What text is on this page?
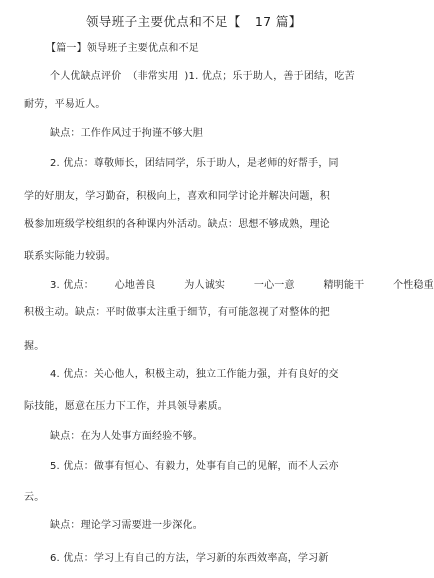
领导班子主要优点和不足【 17 篇】
【篇一】领导班子主要优点和不足
个人优缺点评价 （非常实用 )1. 优点；乐于助人，善于团结，吃苦
耐劳，平易近人。
缺点：工作作风过于拘谨不够大胆
2. 优点：尊敬师长，团结同学，乐于助人，是老师的好帮手，同
学的好朋友，学习勤奋，积极向上，喜欢和同学讨论并解决问题，积
极参加班级学校组织的各种课内外活动。缺点：思想不够成熟，理论
联系实际能力较弱。
3. 优点： 心地善良	为人诚实	一心一意	精明能干	个性稳重
积极主动。缺点：平时做事太注重于细节，有可能忽视了对整体的把
握。
4. 优点：关心他人，积极主动，独立工作能力强，并有良好的交
际技能，愿意在压力下工作，并具领导素质。
缺点：在为人处事方面经验不够。
5. 优点：做事有恒心、有毅力，处事有自己的见解，而不人云亦
云。
缺点：理论学习需要进一步深化。
6. 优点：学习上有自己的方法，学习新的东西效率高，学习新
